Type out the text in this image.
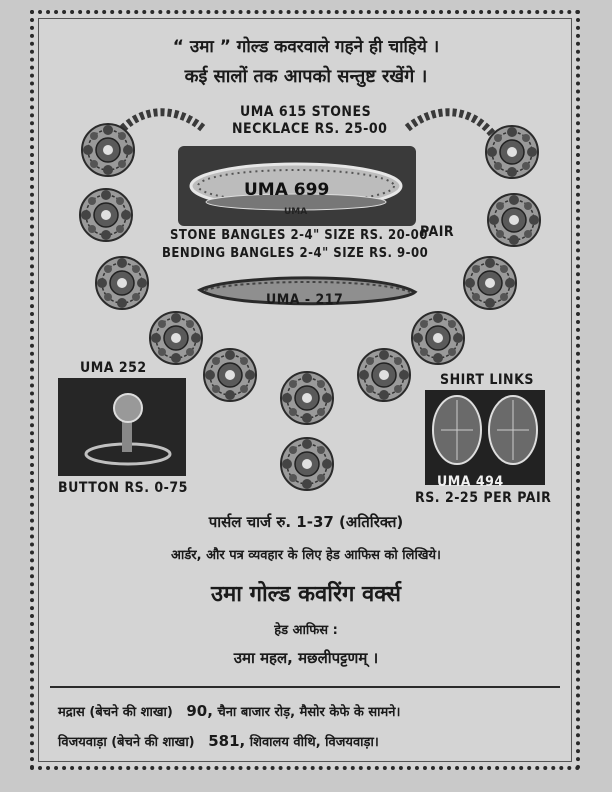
“ उमा ” गोल्ड कवरवाले गहने ही चाहिये ।
कई सालों तक आपको सन्तुष्ट रखेंगे ।
UMA 615 STONES
NECKLACE RS. 25-00
UMA 699
UMA
PAIR
STONE BANGLES 2-4" SIZE RS. 20-00
BENDING BANGLES 2-4" SIZE RS. 9-00
UMA - 217
UMA 252
BUTTON RS. 0-75
SHIRT LINKS
UMA 494
RS. 2-25 PER PAIR
पार्सल चार्ज रु. 1-37 (अतिरिक्त)
आर्डर, और पत्र व्यवहार के लिए हेड आफिस को लिखिये।
उमा गोल्ड कवरिंग वर्क्स
हेड आफिस :
उमा महल, मछलीपट्टणम् ।
मद्रास (बेचने की शाखा) 90, चैना बाजार रोड़, मैसोर केफे के सामने।
विजयवाड़ा (बेचने की शाखा) 581, शिवालय वीथि, विजयवाड़ा।
